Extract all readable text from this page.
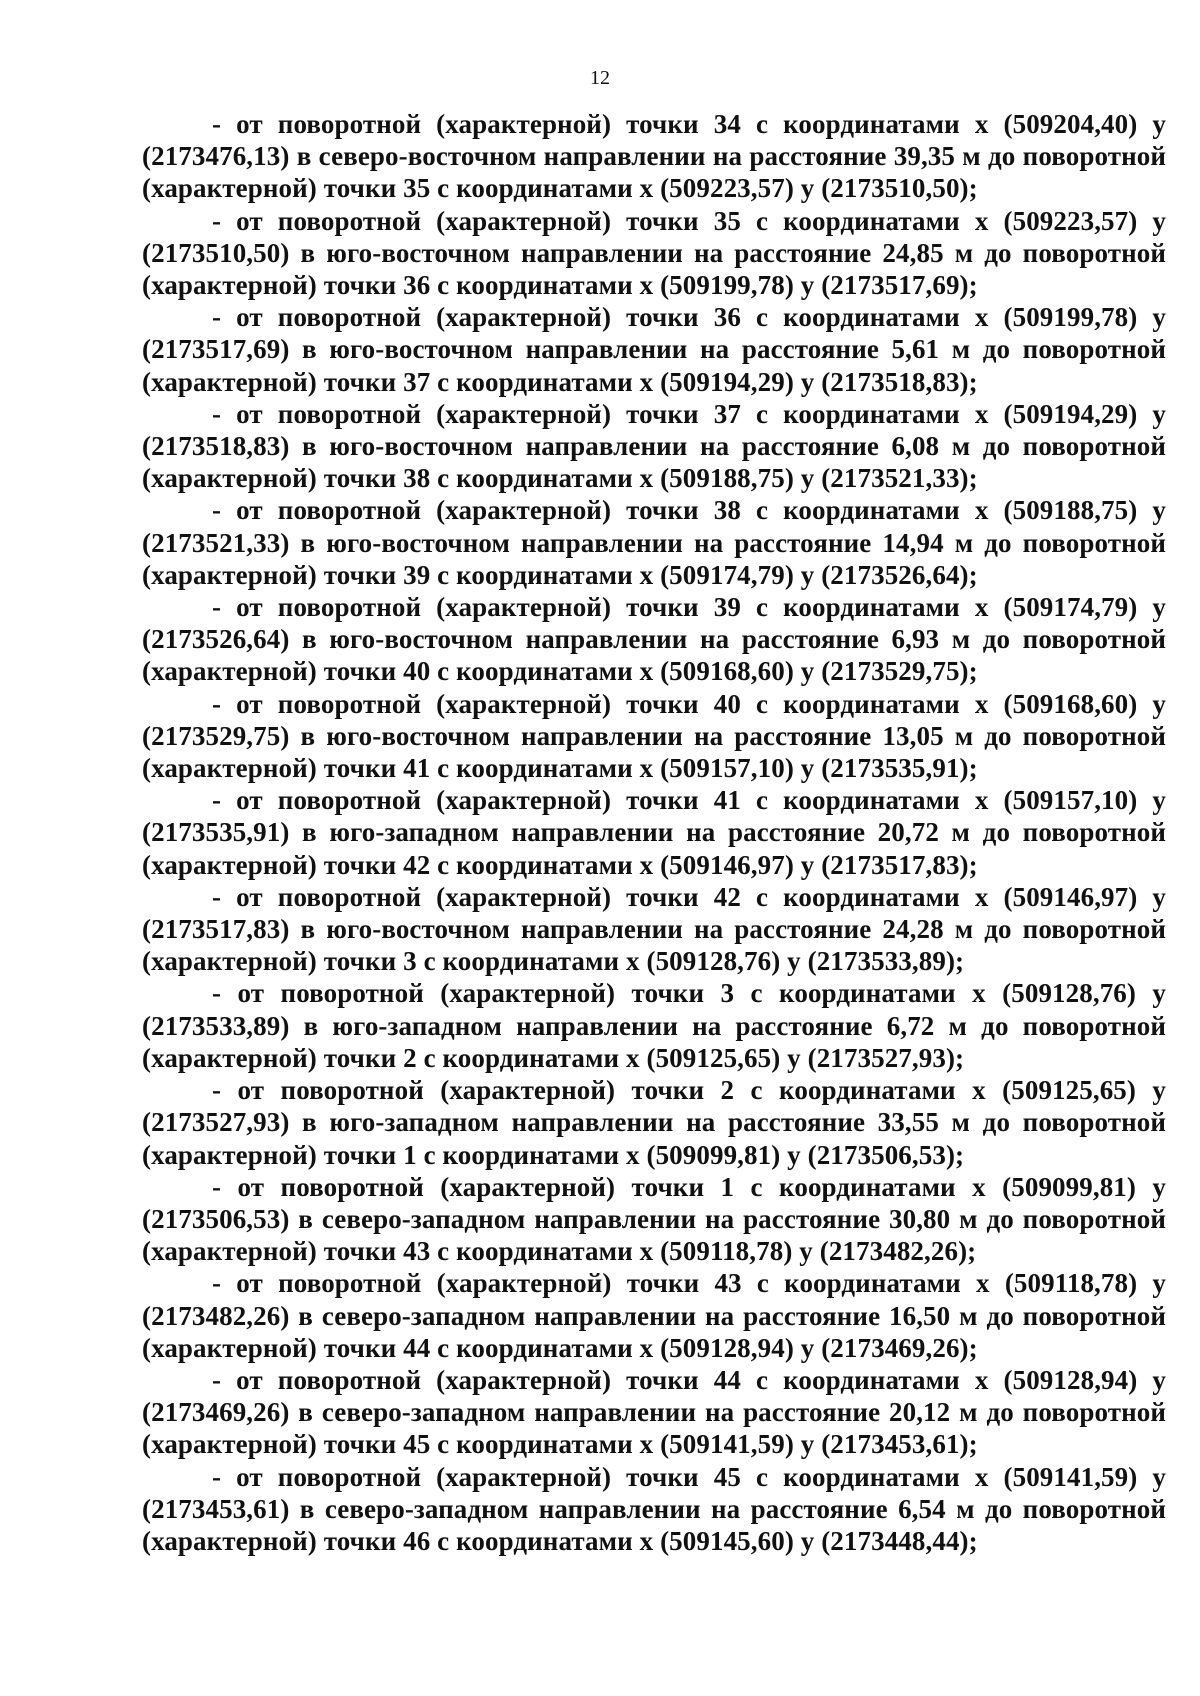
12

- от поворотной (характерной) точки 34 с координатами х (509204,40) у (2173476,13) в северо-восточном направлении на расстояние 39,35 м до поворотной (характерной) точки 35 с координатами х (509223,57) у (2173510,50);

- от поворотной (характерной) точки 35 с координатами х (509223,57) у (2173510,50) в юго-восточном направлении на расстояние 24,85 м до поворотной (характерной) точки 36 с координатами х (509199,78) у (2173517,69);

- от поворотной (характерной) точки 36 с координатами х (509199,78) у (2173517,69) в юго-восточном направлении на расстояние 5,61 м до поворотной (характерной) точки 37 с координатами х (509194,29) у (2173518,83);

- от поворотной (характерной) точки 37 с координатами х (509194,29) у (2173518,83) в юго-восточном направлении на расстояние 6,08 м до поворотной (характерной) точки 38 с координатами х (509188,75) у (2173521,33);

- от поворотной (характерной) точки 38 с координатами х (509188,75) у (2173521,33) в юго-восточном направлении на расстояние 14,94 м до поворотной (характерной) точки 39 с координатами х (509174,79) у (2173526,64);

- от поворотной (характерной) точки 39 с координатами х (509174,79) у (2173526,64) в юго-восточном направлении на расстояние 6,93 м до поворотной (характерной) точки 40 с координатами х (509168,60) у (2173529,75);

- от поворотной (характерной) точки 40 с координатами х (509168,60) у (2173529,75) в юго-восточном направлении на расстояние 13,05 м до поворотной (характерной) точки 41 с координатами х (509157,10) у (2173535,91);

- от поворотной (характерной) точки 41 с координатами х (509157,10) у (2173535,91) в юго-западном направлении на расстояние 20,72 м до поворотной (характерной) точки 42 с координатами х (509146,97) у (2173517,83);

- от поворотной (характерной) точки 42 с координатами х (509146,97) у (2173517,83) в юго-восточном направлении на расстояние 24,28 м до поворотной (характерной) точки 3 с координатами х (509128,76) у (2173533,89);

- от поворотной (характерной) точки 3 с координатами х (509128,76) у (2173533,89) в юго-западном направлении на расстояние 6,72 м до поворотной (характерной) точки 2 с координатами х (509125,65) у (2173527,93);

- от поворотной (характерной) точки 2 с координатами х (509125,65) у (2173527,93) в юго-западном направлении на расстояние 33,55 м до поворотной (характерной) точки 1 с координатами х (509099,81) у (2173506,53);

- от поворотной (характерной) точки 1 с координатами х (509099,81) у (2173506,53) в северо-западном направлении на расстояние 30,80 м до поворотной (характерной) точки 43 с координатами х (509118,78) у (2173482,26);

- от поворотной (характерной) точки 43 с координатами х (509118,78) у (2173482,26) в северо-западном направлении на расстояние 16,50 м до поворотной (характерной) точки 44 с координатами х (509128,94) у (2173469,26);

- от поворотной (характерной) точки 44 с координатами х (509128,94) у (2173469,26) в северо-западном направлении на расстояние 20,12 м до поворотной (характерной) точки 45 с координатами х (509141,59) у (2173453,61);

- от поворотной (характерной) точки 45 с координатами х (509141,59) у (2173453,61) в северо-западном направлении на расстояние 6,54 м до поворотной (характерной) точки 46 с координатами х (509145,60) у (2173448,44);
